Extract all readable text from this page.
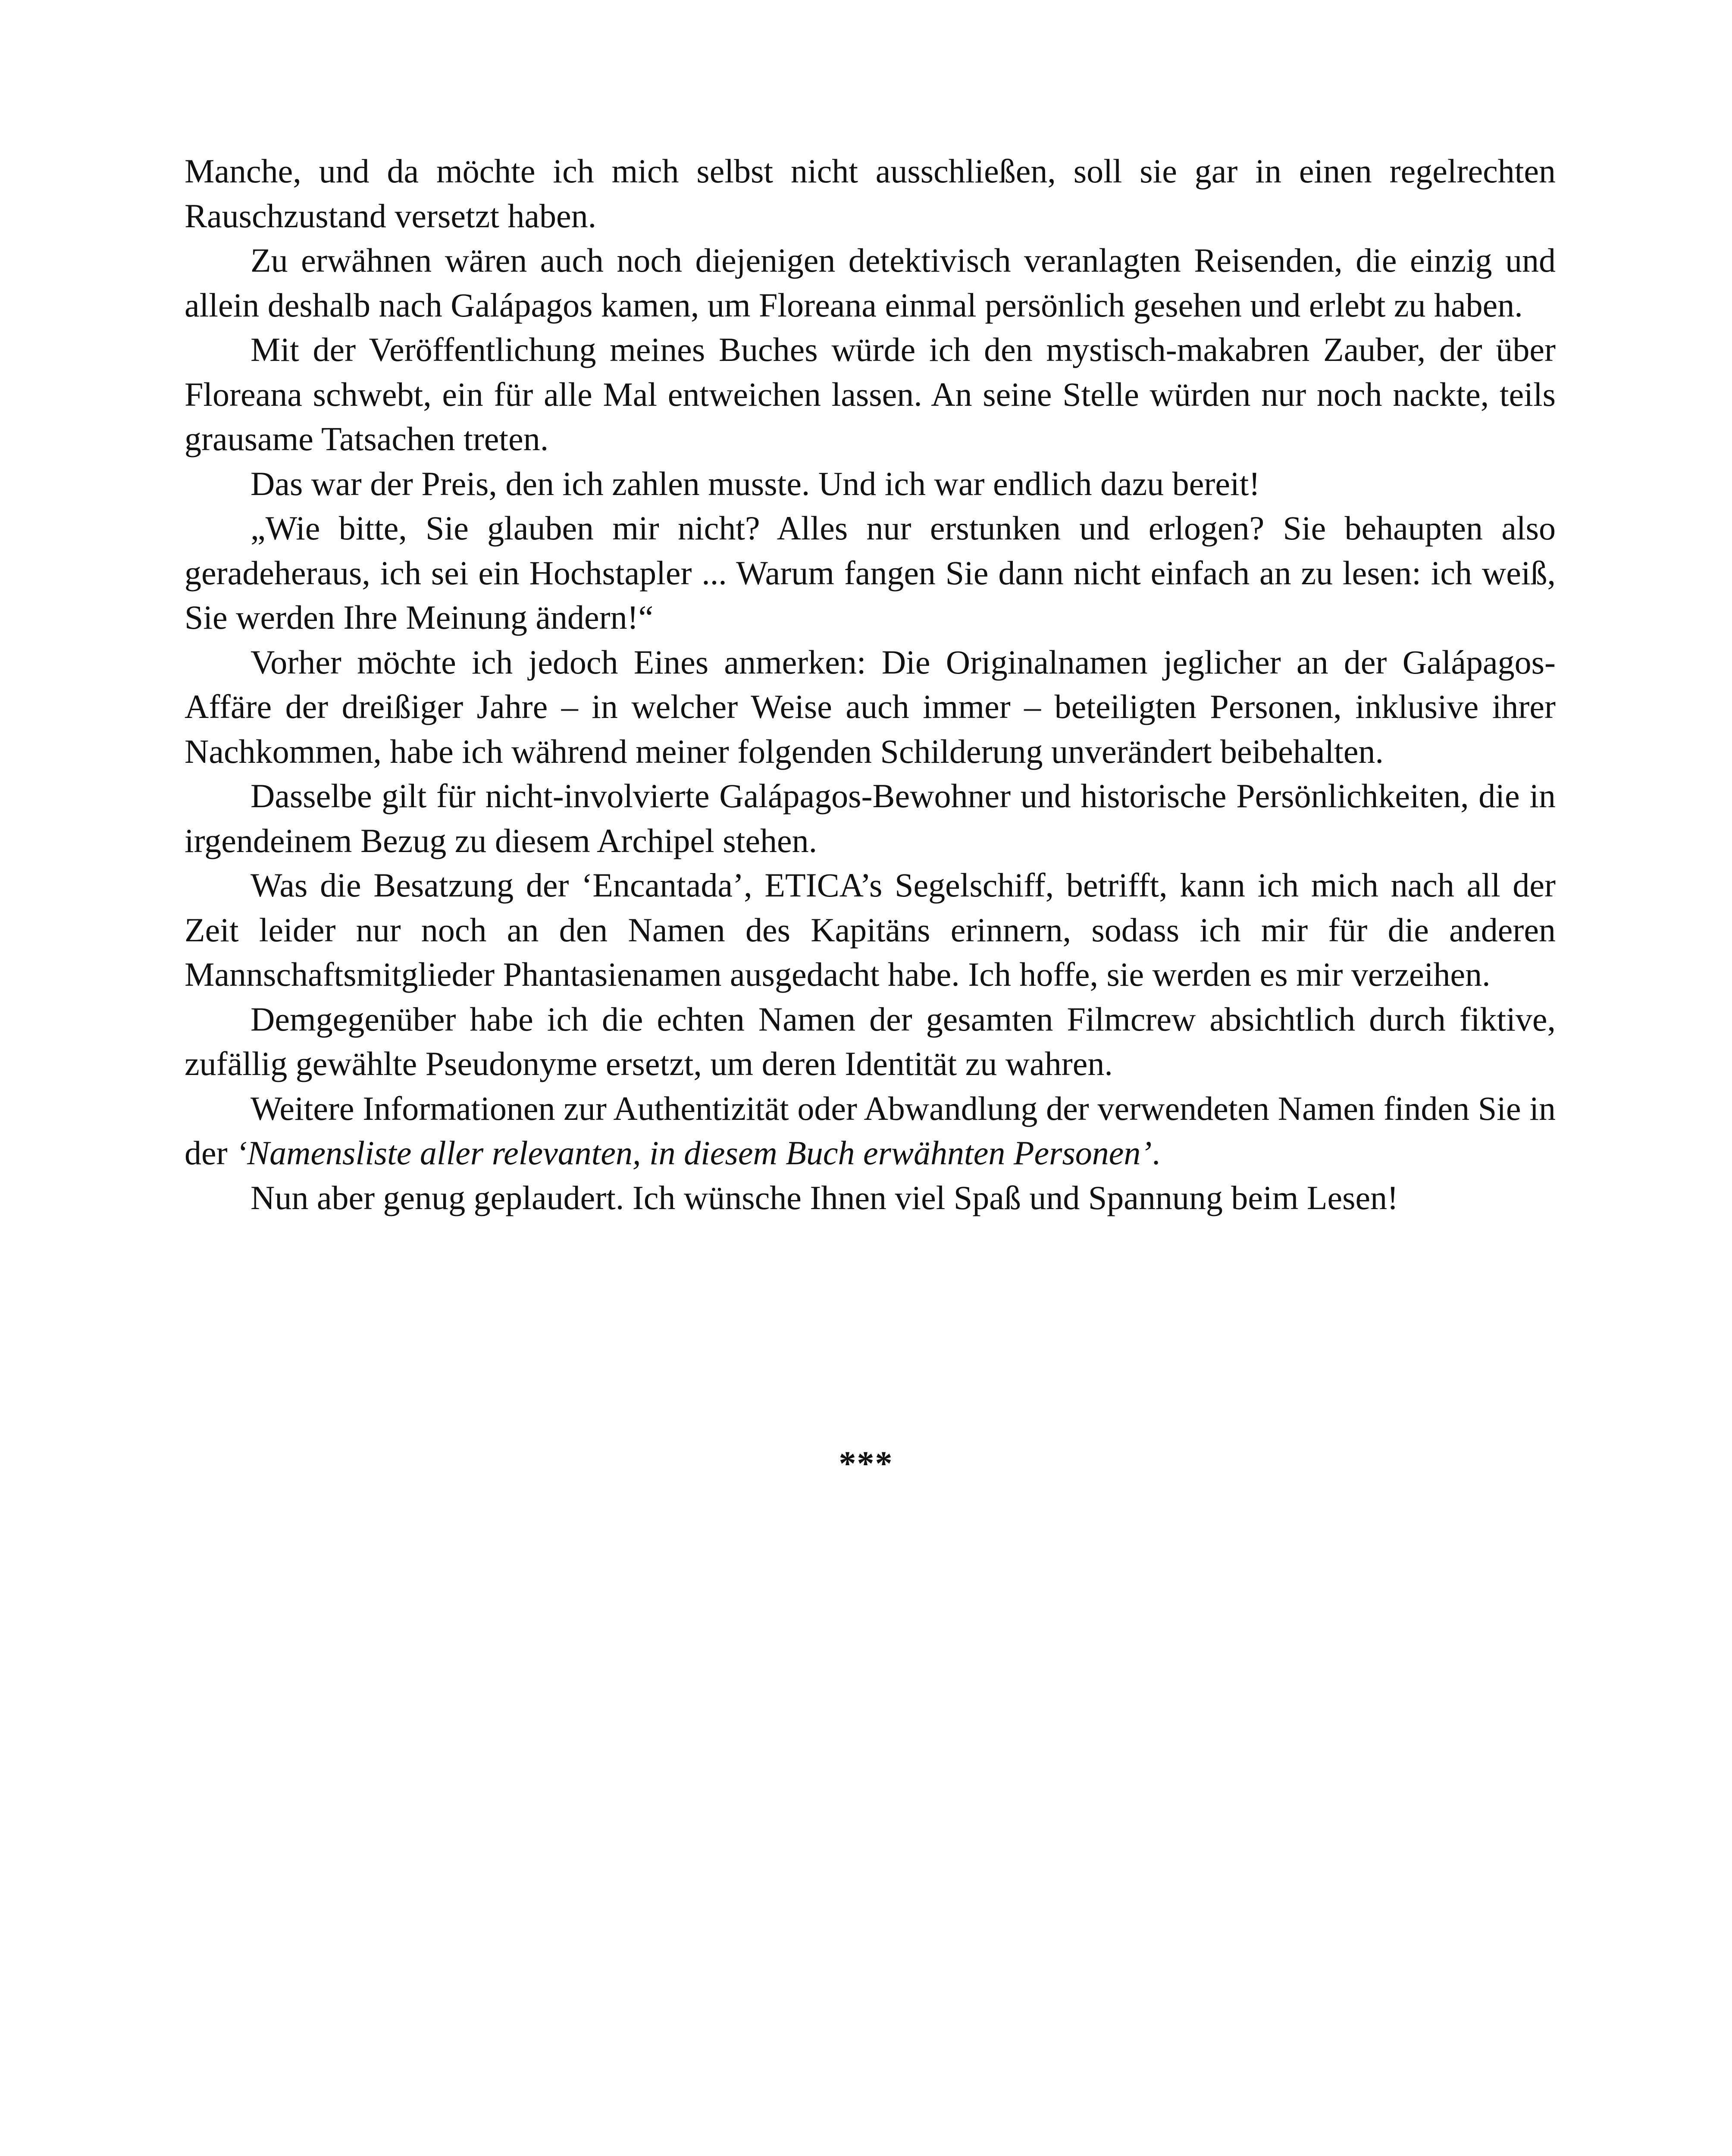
Manche, und da möchte ich mich selbst nicht ausschließen, soll sie gar in einen regelrechten Rauschzustand versetzt haben.

Zu erwähnen wären auch noch diejenigen detektivisch veranlagten Reisenden, die einzig und allein deshalb nach Galápagos kamen, um Floreana einmal persönlich gesehen und erlebt zu haben.

Mit der Veröffentlichung meines Buches würde ich den mystisch-makabren Zauber, der über Floreana schwebt, ein für alle Mal entweichen lassen. An seine Stelle würden nur noch nackte, teils grausame Tatsachen treten.

Das war der Preis, den ich zahlen musste. Und ich war endlich dazu bereit!

„Wie bitte, Sie glauben mir nicht? Alles nur erstunken und erlogen? Sie behaupten also geradeheraus, ich sei ein Hochstapler ... Warum fangen Sie dann nicht einfach an zu lesen: ich weiß, Sie werden Ihre Meinung ändern!“

Vorher möchte ich jedoch Eines anmerken: Die Originalnamen jeglicher an der Galápagos-Affäre der dreißiger Jahre – in welcher Weise auch immer – beteiligten Personen, inklusive ihrer Nachkommen, habe ich während meiner folgenden Schilderung unverändert beibehalten.

Dasselbe gilt für nicht-involvierte Galápagos-Bewohner und historische Persönlichkeiten, die in irgendeinem Bezug zu diesem Archipel stehen.

Was die Besatzung der ‘Encantada’, ETICA’s Segelschiff, betrifft, kann ich mich nach all der Zeit leider nur noch an den Namen des Kapitäns erinnern, sodass ich mir für die anderen Mannschaftsmitglieder Phantasienamen ausgedacht habe. Ich hoffe, sie werden es mir verzeihen.

Demgegenüber habe ich die echten Namen der gesamten Filmcrew absichtlich durch fiktive, zufällig gewählte Pseudonyme ersetzt, um deren Identität zu wahren.

Weitere Informationen zur Authentizität oder Abwandlung der verwendeten Namen finden Sie in der ‘Namensliste aller relevanten, in diesem Buch erwähnten Personen’.

Nun aber genug geplaudert. Ich wünsche Ihnen viel Spaß und Spannung beim Lesen!

***
